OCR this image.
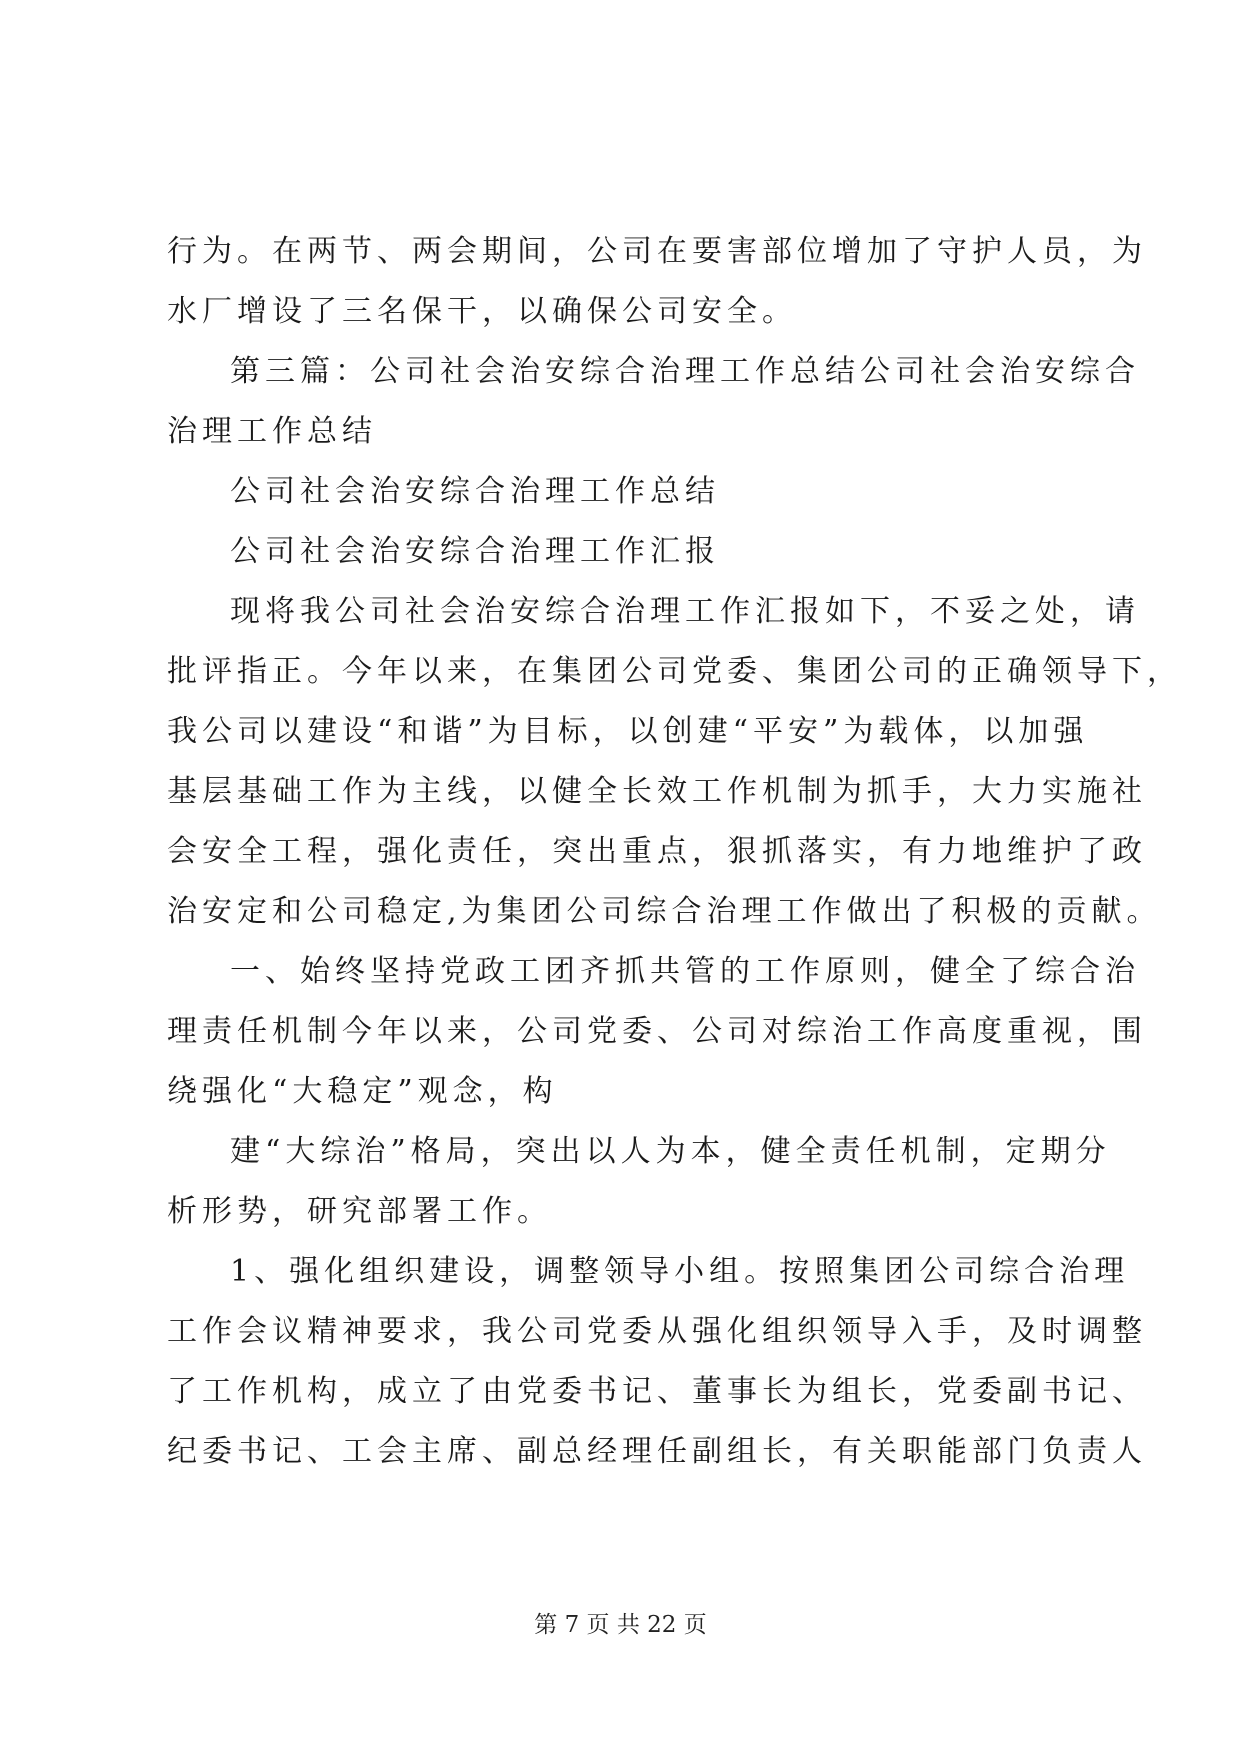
行为。在两节、两会期间，公司在要害部位增加了守护人员，为
水厂增设了三名保干，以确保公司安全。
第三篇：公司社会治安综合治理工作总结公司社会治安综合
治理工作总结
公司社会治安综合治理工作总结
公司社会治安综合治理工作汇报
现将我公司社会治安综合治理工作汇报如下，不妥之处，请
批评指正。今年以来，在集团公司党委、集团公司的正确领导下，
我公司以建设“和谐”为目标，以创建“平安”为载体，以加强
基层基础工作为主线，以健全长效工作机制为抓手，大力实施社
会安全工程，强化责任，突出重点，狠抓落实，有力地维护了政
治安定和公司稳定,为集团公司综合治理工作做出了积极的贡献。
一、始终坚持党政工团齐抓共管的工作原则，健全了综合治
理责任机制今年以来，公司党委、公司对综治工作高度重视，围
绕强化“大稳定”观念，构
建“大综治”格局，突出以人为本，健全责任机制，定期分
析形势，研究部署工作。
1、强化组织建设，调整领导小组。按照集团公司综合治理
工作会议精神要求，我公司党委从强化组织领导入手，及时调整
了工作机构，成立了由党委书记、董事长为组长，党委副书记、
纪委书记、工会主席、副总经理任副组长，有关职能部门负责人
第 7 页 共 22 页
